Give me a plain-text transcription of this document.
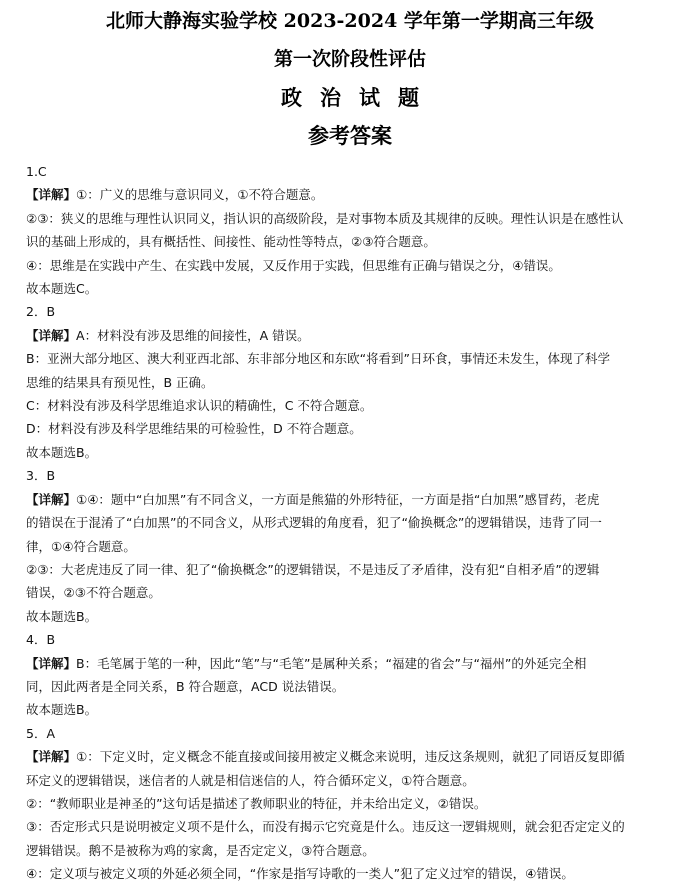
北师大静海实验学校 2023-2024 学年第一学期高三年级

第一次阶段性评估

政治试题

参考答案

1.C

【详解】①：广义的思维与意识同义，①不符合题意。

②③：狭义的思维与理性认识同义，指认识的高级阶段，是对事物本质及其规律的反映。理性认识是在感性认

识的基础上形成的，具有概括性、间接性、能动性等特点，②③符合题意。

④：思维是在实践中产生、在实践中发展，又反作用于实践，但思维有正确与错误之分，④错误。

故本题选C。

2．B

【详解】A：材料没有涉及思维的间接性，A 错误。

B：亚洲大部分地区、澳大利亚西北部、东非部分地区和东欧“将看到”日环食，事情还未发生，体现了科学

思维的结果具有预见性，B 正确。

C：材料没有涉及科学思维追求认识的精确性，C 不符合题意。

D：材料没有涉及科学思维结果的可检验性，D 不符合题意。

故本题选B。

3．B

【详解】①④：题中“白加黑”有不同含义，一方面是熊猫的外形特征，一方面是指“白加黑”感冒药，老虎

的错误在于混淆了“白加黑”的不同含义，从形式逻辑的角度看，犯了“偷换概念”的逻辑错误，违背了同一

律，①④符合题意。

②③：大老虎违反了同一律、犯了“偷换概念”的逻辑错误，不是违反了矛盾律，没有犯“自相矛盾”的逻辑

错误，②③不符合题意。

故本题选B。

4．B

【详解】B：毛笔属于笔的一种，因此“笔”与“毛笔”是属种关系；“福建的省会”与“福州”的外延完全相

同，因此两者是全同关系，B 符合题意，ACD 说法错误。

故本题选B。

5．A

【详解】①：下定义时，定义概念不能直接或间接用被定义概念来说明，违反这条规则，就犯了同语反复即循

环定义的逻辑错误，迷信者的人就是相信迷信的人，符合循环定义，①符合题意。

②：“教师职业是神圣的”这句话是描述了教师职业的特征，并未给出定义，②错误。

③：否定形式只是说明被定义项不是什么，而没有揭示它究竟是什么。违反这一逻辑规则，就会犯否定定义的

逻辑错误。鹅不是被称为鸡的家禽，是否定定义，③符合题意。

④：定义项与被定义项的外延必须全同，“作家是指写诗歌的一类人”犯了定义过窄的错误，④错误。
